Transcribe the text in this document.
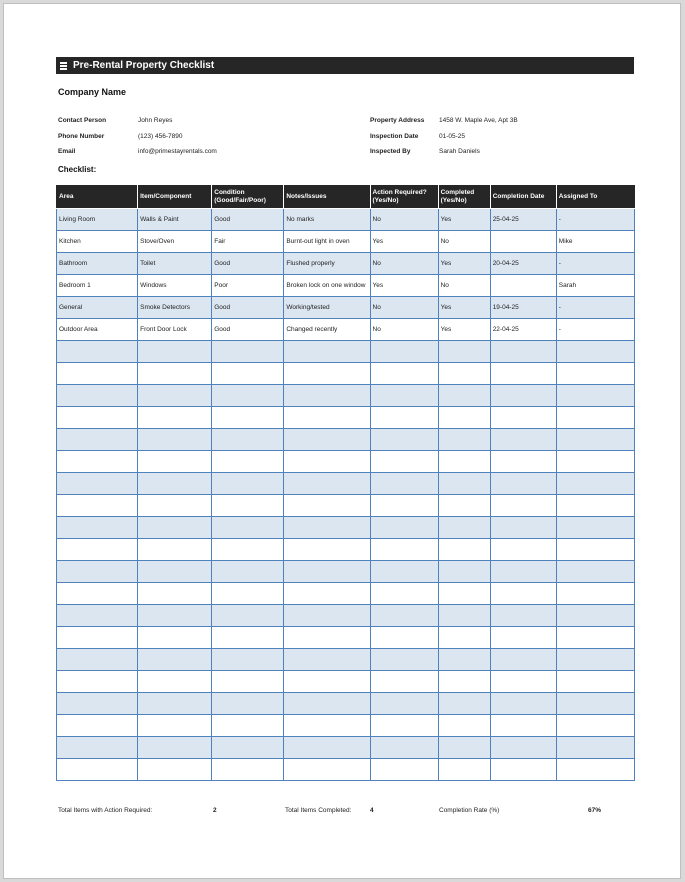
Pre-Rental Property Checklist
Company Name
Contact Person	John Reyes
Phone Number	(123) 456-7890
Email	info@primestayrentals.com
Property Address 1458 W. Maple Ave, Apt 3B
Inspection Date	01-05-25
Inspected By	Sarah Daniels
Checklist:
Area	Item/Component	Condition (Good/Fair/Poor)	Notes/Issues	Action Required? (Yes/No)	Completed (Yes/No)	Completion Date	Assigned To
Living Room	Walls & Paint	Good	No marks	No	Yes	25-04-25	-
Kitchen	Stove/Oven	Fair	Burnt-out light in oven	Yes	No		Mike
Bathroom	Toilet	Good	Flushed properly	No	Yes	20-04-25	-
Bedroom 1	Windows	Poor	Broken lock on one window	Yes	No		Sarah
General	Smoke Detectors	Good	Working/tested	No	Yes	19-04-25	-
Outdoor Area	Front Door Lock	Good	Changed recently	No	Yes	22-04-25	-

Total Items with Action Required:	2	Total Items Completed:	4	Completion Rate (%)	67%
